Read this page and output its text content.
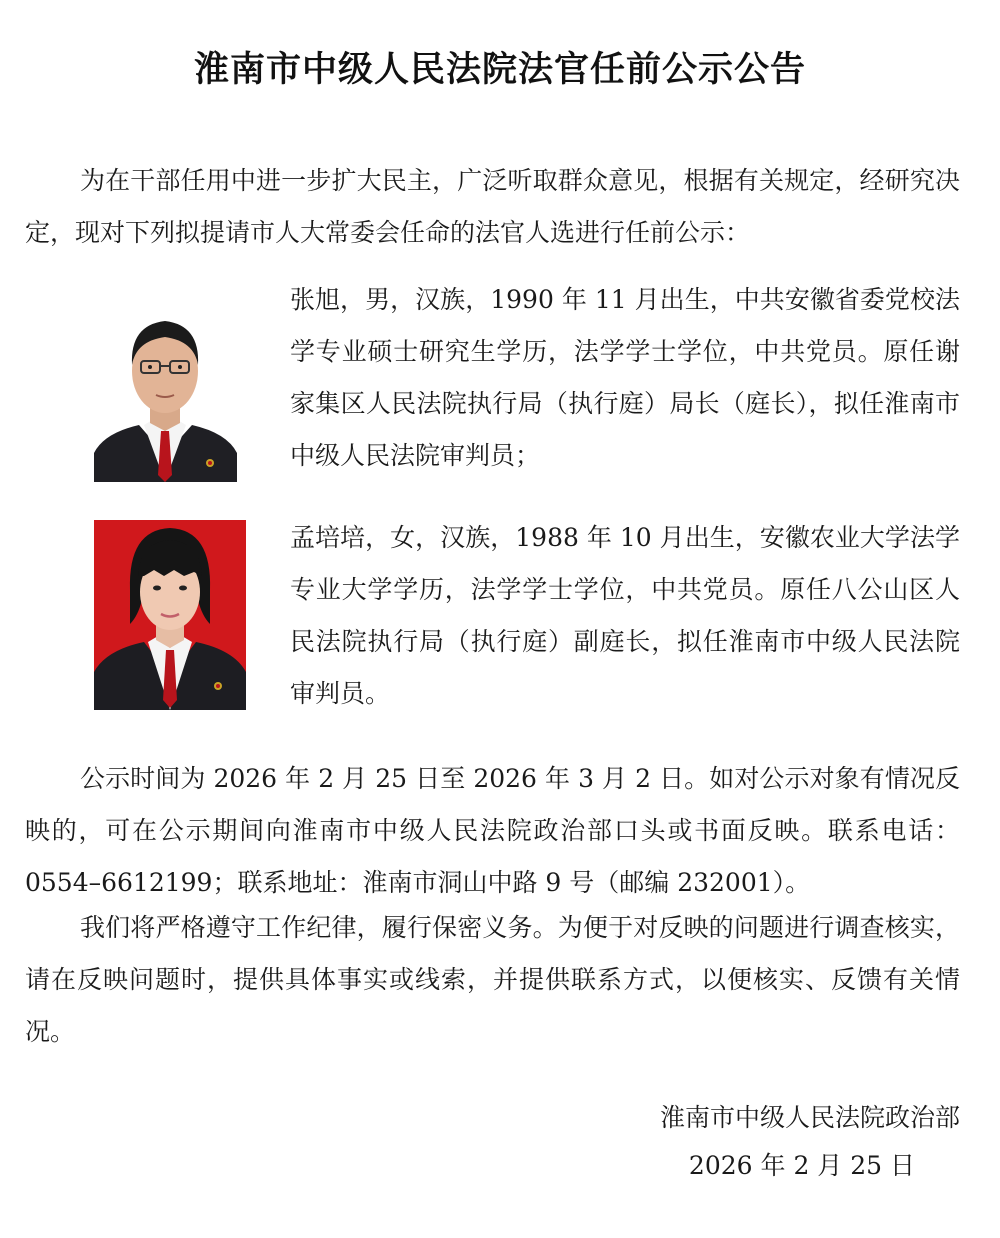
淮南市中级人民法院法官任前公示公告

为在干部任用中进一步扩大民主，广泛听取群众意见，根据有关规定，经研究决定，现对下列拟提请市人大常委会任命的法官人选进行任前公示：

张旭，男，汉族，1990 年 11 月出生，中共安徽省委党校法学专业硕士研究生学历，法学学士学位，中共党员。原任谢家集区人民法院执行局（执行庭）局长（庭长），拟任淮南市中级人民法院审判员；

孟培培，女，汉族，1988 年 10 月出生，安徽农业大学法学专业大学学历，法学学士学位，中共党员。原任八公山区人民法院执行局（执行庭）副庭长，拟任淮南市中级人民法院审判员。

公示时间为 2026 年 2 月 25 日至 2026 年 3 月 2 日。如对公示对象有情况反映的，可在公示期间向淮南市中级人民法院政治部口头或书面反映。联系电话：0554–6612199；联系地址：淮南市洞山中路 9 号（邮编 232001）。

我们将严格遵守工作纪律，履行保密义务。为便于对反映的问题进行调查核实，请在反映问题时，提供具体事实或线索，并提供联系方式，以便核实、反馈有关情况。

淮南市中级人民法院政治部
2026 年 2 月 25 日
